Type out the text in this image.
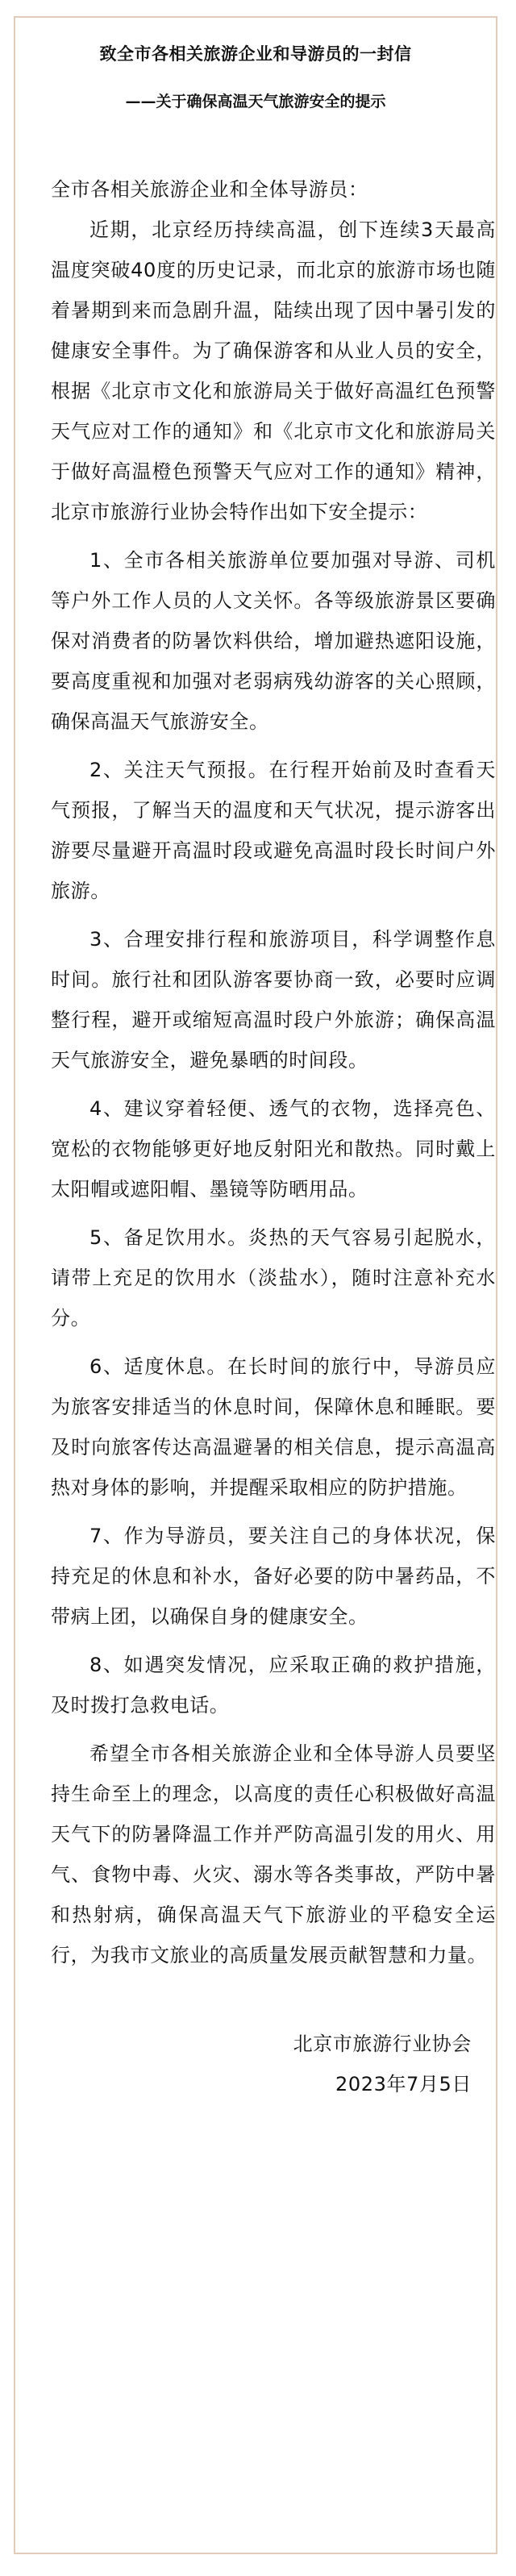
致全市各相关旅游企业和导游员的一封信
——关于确保高温天气旅游安全的提示

全市各相关旅游企业和全体导游员：

近期，北京经历持续高温，创下连续3天最高温度突破40度的历史记录，而北京的旅游市场也随着暑期到来而急剧升温，陆续出现了因中暑引发的健康安全事件。为了确保游客和从业人员的安全，根据《北京市文化和旅游局关于做好高温红色预警天气应对工作的通知》和《北京市文化和旅游局关于做好高温橙色预警天气应对工作的通知》精神，北京市旅游行业协会特作出如下安全提示：

1、全市各相关旅游单位要加强对导游、司机等户外工作人员的人文关怀。各等级旅游景区要确保对消费者的防暑饮料供给，增加避热遮阳设施，要高度重视和加强对老弱病残幼游客的关心照顾，确保高温天气旅游安全。

2、关注天气预报。在行程开始前及时查看天气预报，了解当天的温度和天气状况，提示游客出游要尽量避开高温时段或避免高温时段长时间户外旅游。

3、合理安排行程和旅游项目，科学调整作息时间。旅行社和团队游客要协商一致，必要时应调整行程，避开或缩短高温时段户外旅游；确保高温天气旅游安全，避免暴晒的时间段。

4、建议穿着轻便、透气的衣物，选择亮色、宽松的衣物能够更好地反射阳光和散热。同时戴上太阳帽或遮阳帽、墨镜等防晒用品。

5、备足饮用水。炎热的天气容易引起脱水，请带上充足的饮用水（淡盐水），随时注意补充水分。

6、适度休息。在长时间的旅行中，导游员应为旅客安排适当的休息时间，保障休息和睡眠。要及时向旅客传达高温避暑的相关信息，提示高温高热对身体的影响，并提醒采取相应的防护措施。

7、作为导游员，要关注自己的身体状况，保持充足的休息和补水，备好必要的防中暑药品，不带病上团，以确保自身的健康安全。

8、如遇突发情况，应采取正确的救护措施，及时拨打急救电话。

希望全市各相关旅游企业和全体导游人员要坚持生命至上的理念，以高度的责任心积极做好高温天气下的防暑降温工作并严防高温引发的用火、用气、食物中毒、火灾、溺水等各类事故，严防中暑和热射病，确保高温天气下旅游业的平稳安全运行，为我市文旅业的高质量发展贡献智慧和力量。

北京市旅游行业协会
2023年7月5日
